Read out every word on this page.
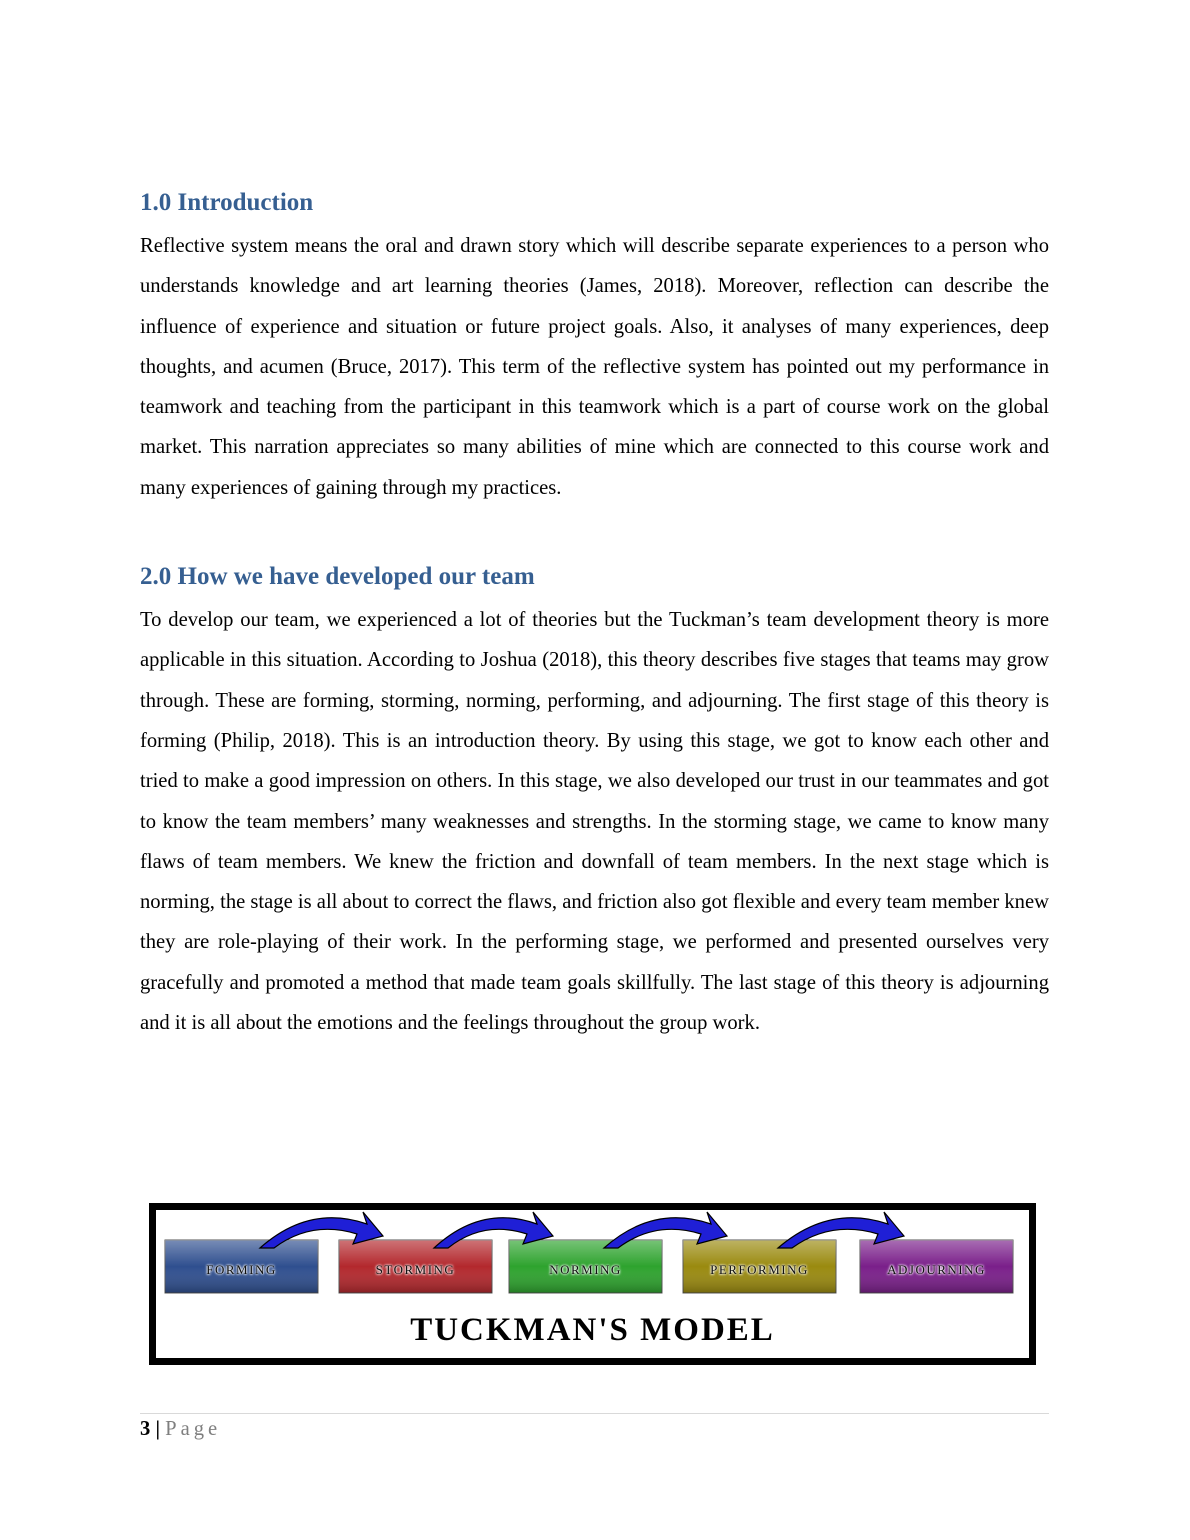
1.0 Introduction

Reflective system means the oral and drawn story which will describe separate experiences to a person who understands knowledge and art learning theories (James, 2018). Moreover, reflection can describe the influence of experience and situation or future project goals. Also, it analyses of many experiences, deep thoughts, and acumen (Bruce, 2017). This term of the reflective system has pointed out my performance in teamwork and teaching from the participant in this teamwork which is a part of course work on the global market. This narration appreciates so many abilities of mine which are connected to this course work and many experiences of gaining through my practices.

2.0 How we have developed our team

To develop our team, we experienced a lot of theories but the Tuckman’s team development theory is more applicable in this situation. According to Joshua (2018), this theory describes five stages that teams may grow through. These are forming, storming, norming, performing, and adjourning. The first stage of this theory is forming (Philip, 2018). This is an introduction theory. By using this stage, we got to know each other and tried to make a good impression on others. In this stage, we also developed our trust in our teammates and got to know the team members’ many weaknesses and strengths. In the storming stage, we came to know many flaws of team members. We knew the friction and downfall of team members. In the next stage which is norming, the stage is all about to correct the flaws, and friction also got flexible and every team member knew they are role-playing of their work. In the performing stage, we performed and presented ourselves very gracefully and promoted a method that made team goals skillfully. The last stage of this theory is adjourning and it is all about the emotions and the feelings throughout the group work.

FORMING	STORMING	NORMING	PERFORMING	ADJOURNING
TUCKMAN'S MODEL
3 | Page
